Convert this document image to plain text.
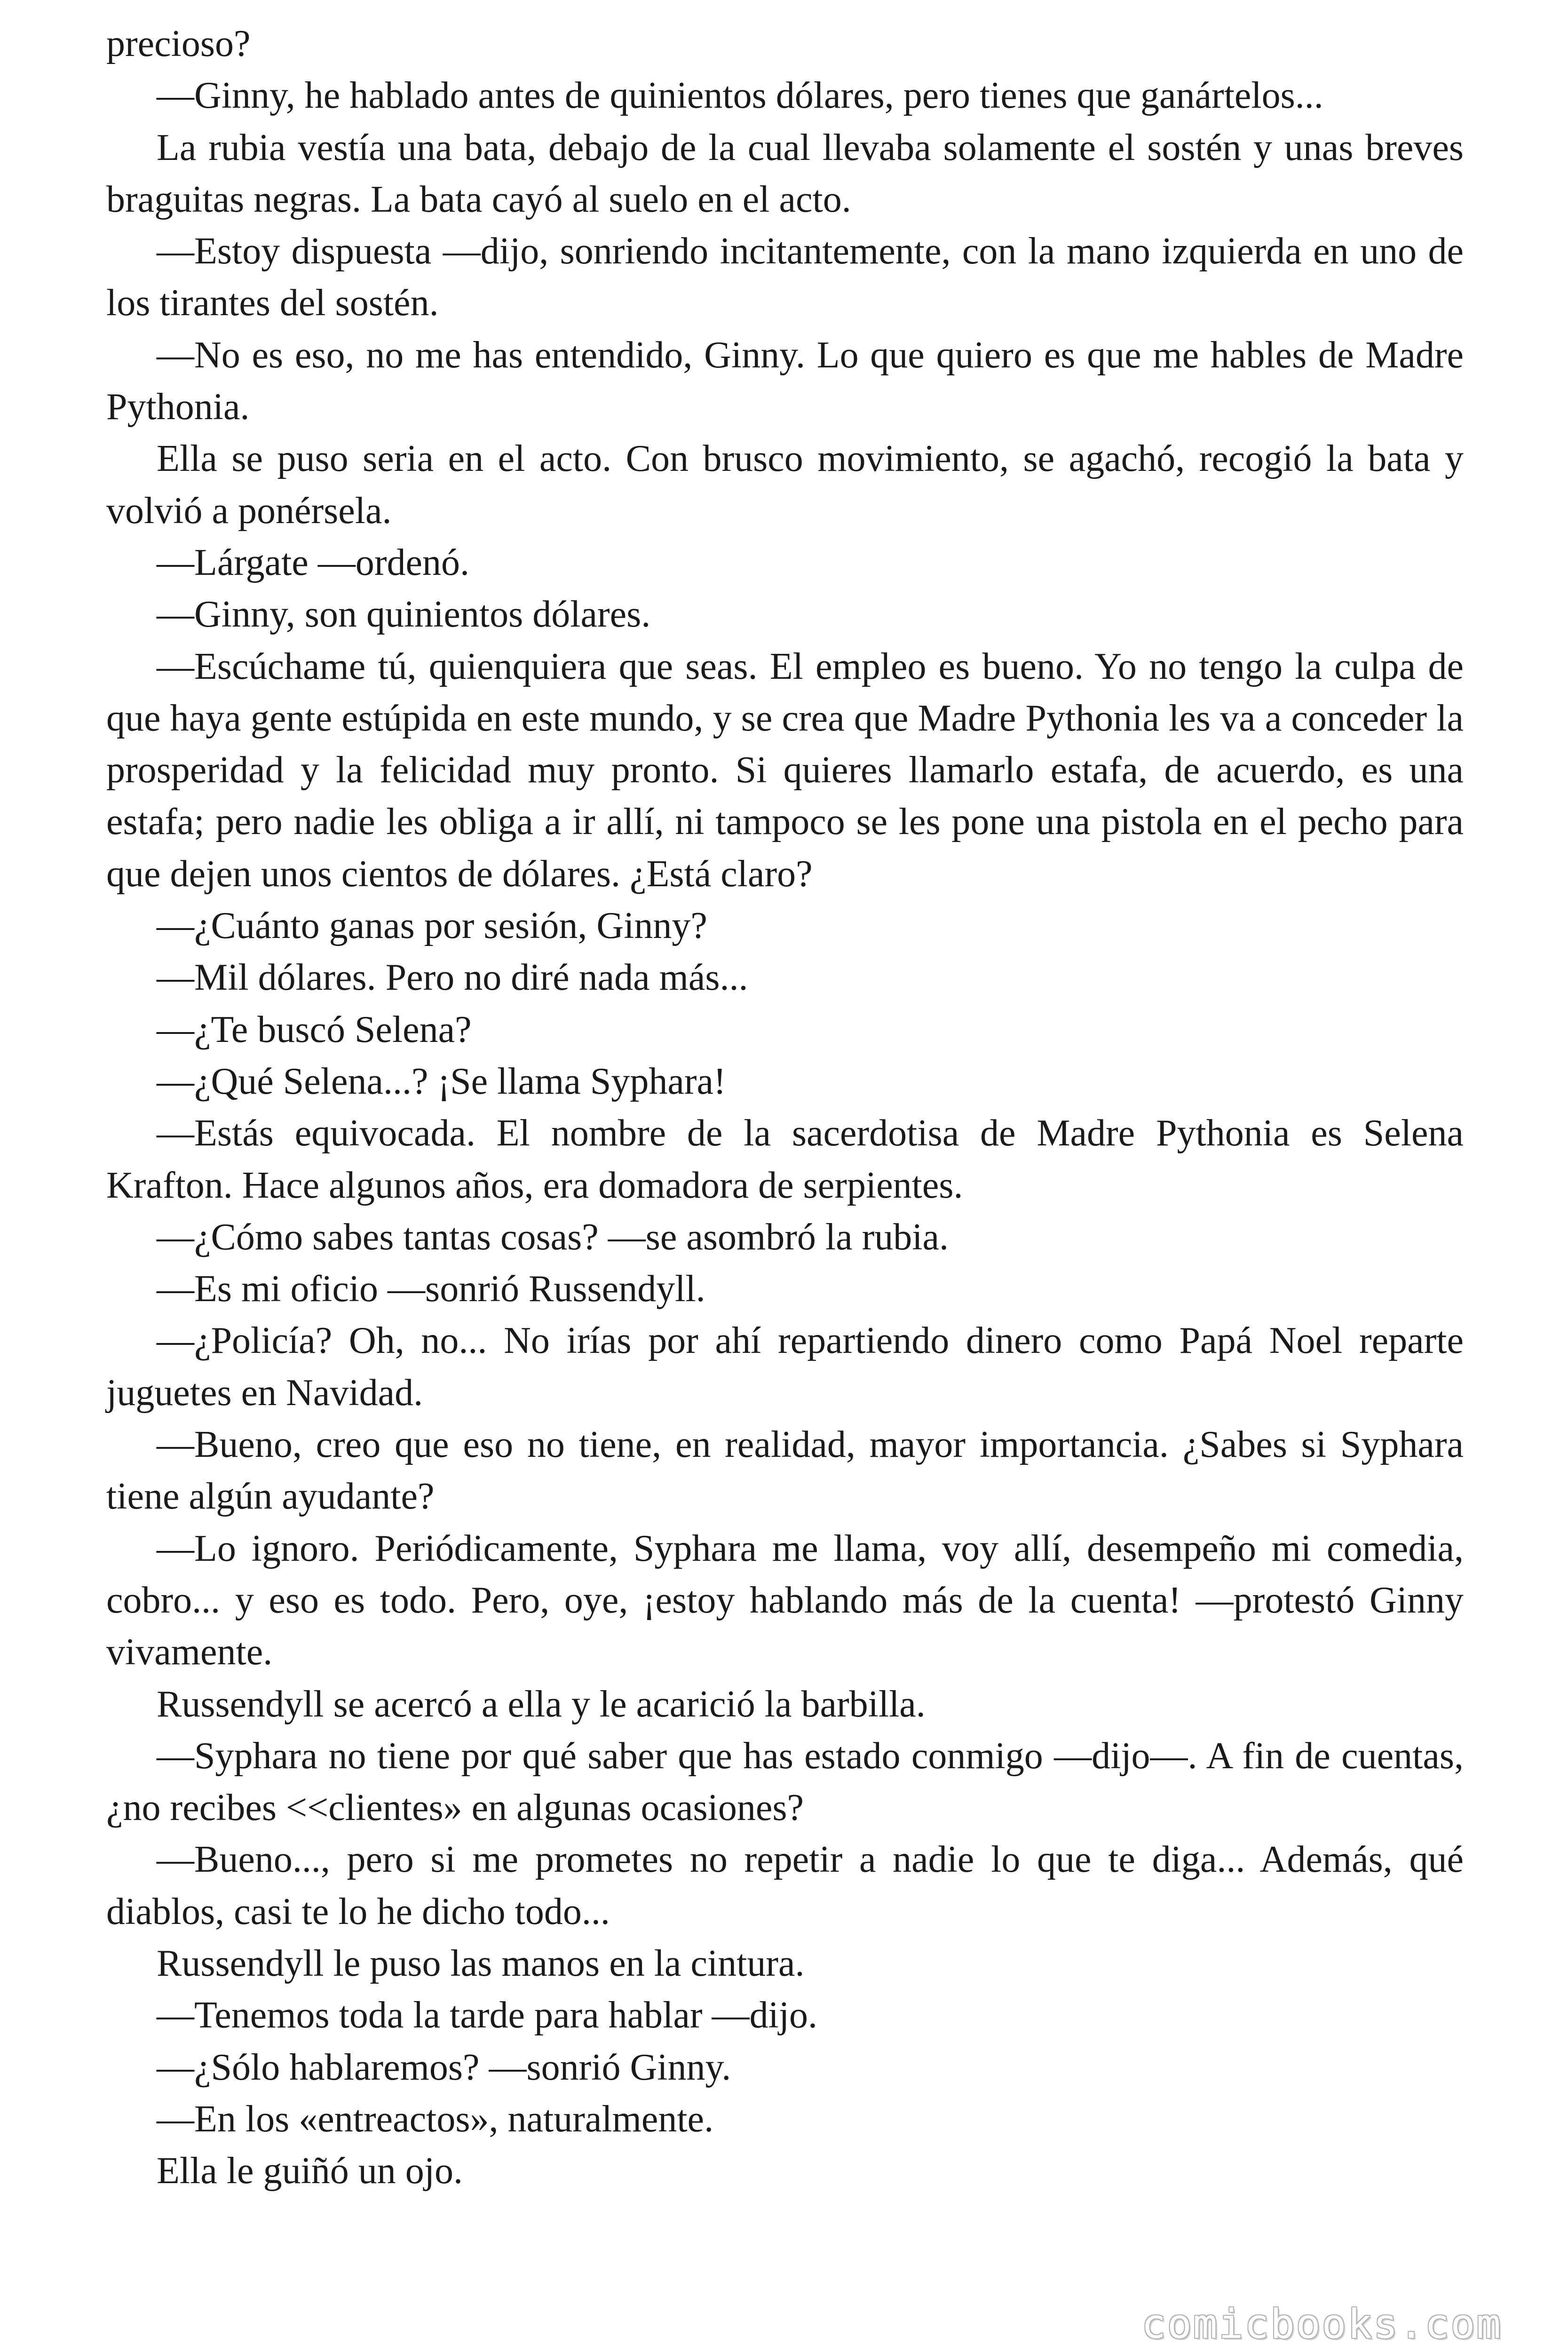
precioso?

—Ginny, he hablado antes de quinientos dólares, pero tienes que ganártelos...

La rubia vestía una bata, debajo de la cual llevaba solamente el sostén y unas breves braguitas negras. La bata cayó al suelo en el acto.

—Estoy dispuesta —dijo, sonriendo incitantemente, con la mano izquierda en uno de los tirantes del sostén.

—No es eso, no me has entendido, Ginny. Lo que quiero es que me hables de Madre Pythonia.

Ella se puso seria en el acto. Con brusco movimiento, se agachó, recogió la bata y volvió a ponérsela.

—Lárgate —ordenó.

—Ginny, son quinientos dólares.

—Escúchame tú, quienquiera que seas. El empleo es bueno. Yo no tengo la culpa de que haya gente estúpida en este mundo, y se crea que Madre Pythonia les va a conceder la prosperidad y la felicidad muy pronto. Si quieres llamarlo estafa, de acuerdo, es una estafa; pero nadie les obliga a ir allí, ni tampoco se les pone una pistola en el pecho para que dejen unos cientos de dólares. ¿Está claro?

—¿Cuánto ganas por sesión, Ginny?

—Mil dólares. Pero no diré nada más...

—¿Te buscó Selena?

—¿Qué Selena...? ¡Se llama Syphara!

—Estás equivocada. El nombre de la sacerdotisa de Madre Pythonia es Selena Krafton. Hace algunos años, era domadora de serpientes.

—¿Cómo sabes tantas cosas? —se asombró la rubia.

—Es mi oficio —sonrió Russendyll.

—¿Policía? Oh, no... No irías por ahí repartiendo dinero como Papá Noel reparte juguetes en Navidad.

—Bueno, creo que eso no tiene, en realidad, mayor importancia. ¿Sabes si Syphara tiene algún ayudante?

—Lo ignoro. Periódicamente, Syphara me llama, voy allí, desempeño mi comedia, cobro... y eso es todo. Pero, oye, ¡estoy hablando más de la cuenta! —protestó Ginny vivamente.

Russendyll se acercó a ella y le acarició la barbilla.

—Syphara no tiene por qué saber que has estado conmigo —dijo—. A fin de cuentas, ¿no recibes <<clientes» en algunas ocasiones?

—Bueno..., pero si me prometes no repetir a nadie lo que te diga... Además, qué diablos, casi te lo he dicho todo...

Russendyll le puso las manos en la cintura.

—Tenemos toda la tarde para hablar —dijo.

—¿Sólo hablaremos? —sonrió Ginny.

—En los «entreactos», naturalmente.

Ella le guiñó un ojo.

comicbooks.com
